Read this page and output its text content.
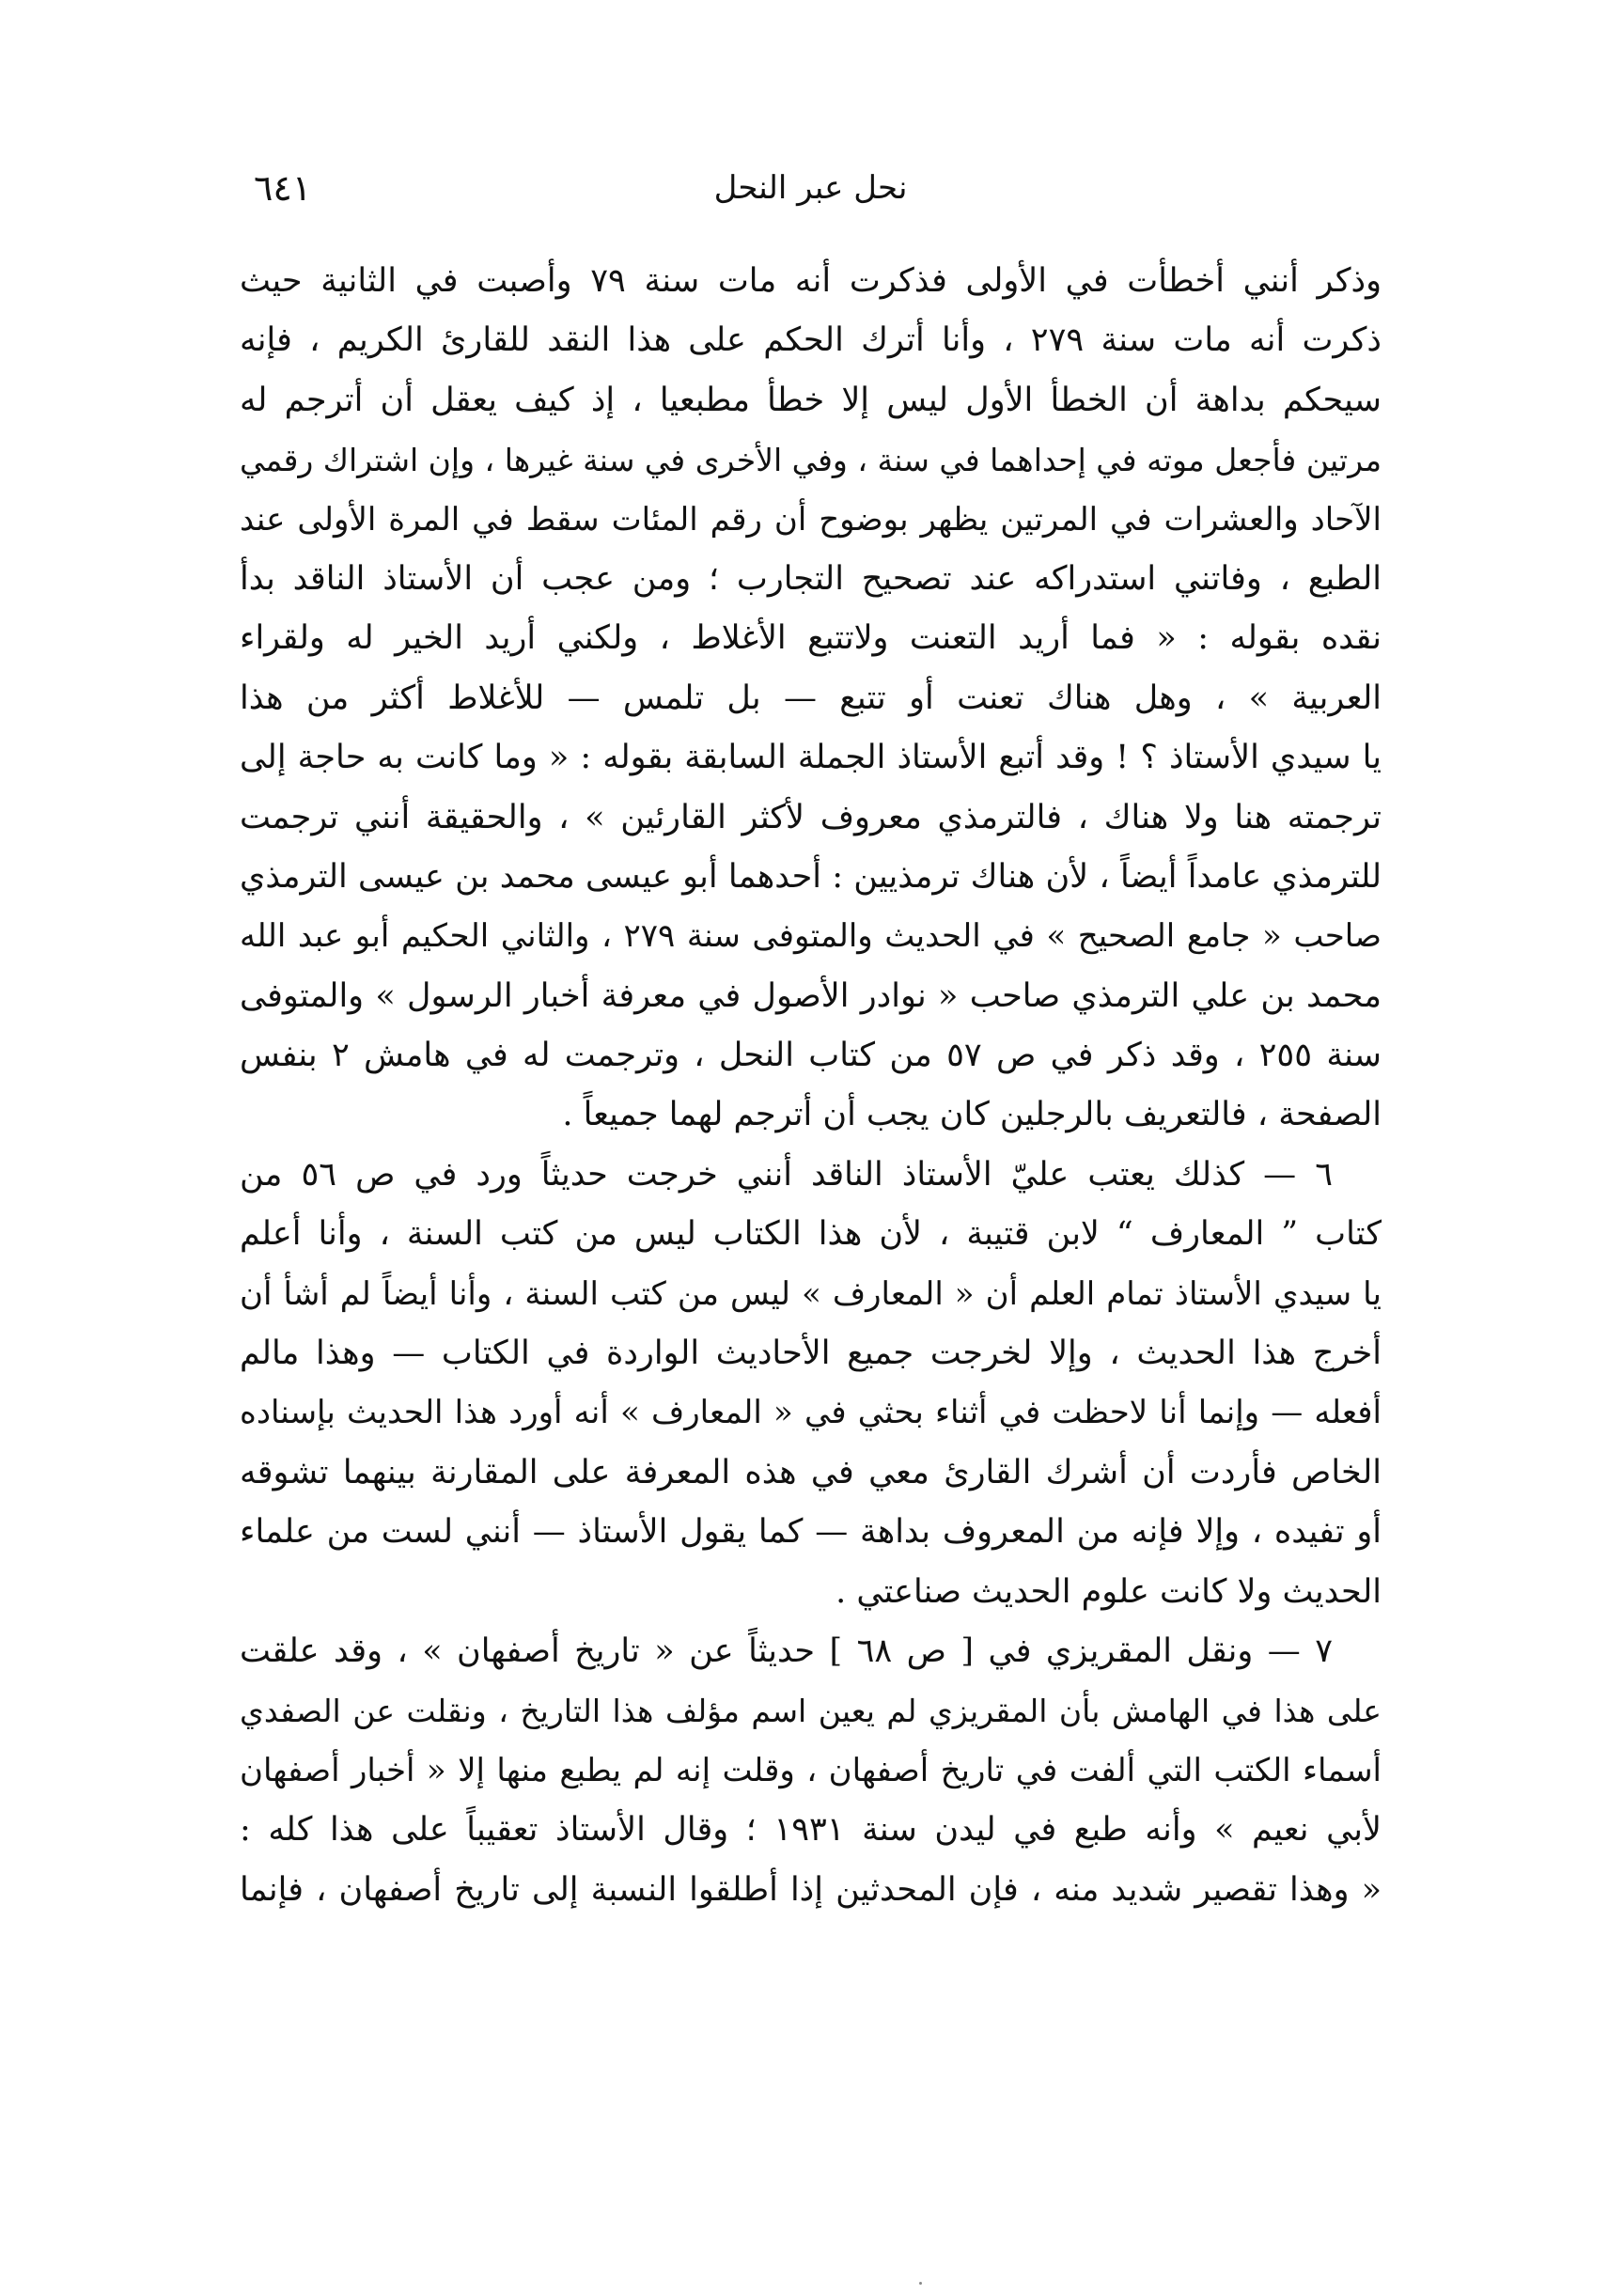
٦٤١	نحل عبر النحل
وذكر أنني أخطأت في الأولى فذكرت أنه مات سنة ٧٩ وأصبت في الثانية حيث
ذكرت أنه مات سنة ٢٧٩ ، وأنا أترك الحكم على هذا النقد للقارئ الكريم ، فإنه
سيحكم بداهة أن الخطأ الأول ليس إلا خطأ مطبعيا ، إذ كيف يعقل أن أترجم له
مرتين فأجعل موته في إحداهما في سنة ، وفي الأخرى في سنة غيرها ، وإن اشتراك رقمي
الآحاد والعشرات في المرتين يظهر بوضوح أن رقم المئات سقط في المرة الأولى عند
الطبع ، وفاتني استدراكه عند تصحيح التجارب ؛ ومن عجب أن الأستاذ الناقد بدأ
نقده بقوله : « فما أريد التعنت ولاتتبع الأغلاط ، ولكني أريد الخير له ولقراء
العربية » ، وهل هناك تعنت أو تتبع — بل تلمس — للأغلاط أكثر من هذا
يا سيدي الأستاذ ؟ ! وقد أتبع الأستاذ الجملة السابقة بقوله : « وما كانت به حاجة إلى
ترجمته هنا ولا هناك ، فالترمذي معروف لأكثر القارئين » ، والحقيقة أنني ترجمت
للترمذي عامداً أيضاً ، لأن هناك ترمذيين : أحدهما أبو عيسى محمد بن عيسى الترمذي
صاحب « جامع الصحيح » في الحديث والمتوفى سنة ٢٧٩ ، والثاني الحكيم أبو عبد الله
محمد بن علي الترمذي صاحب « نوادر الأصول في معرفة أخبار الرسول » والمتوفى
سنة ٢٥٥ ، وقد ذكر في ص ٥٧ من كتاب النحل ، وترجمت له في هامش ٢ بنفس
الصفحة ، فالتعريف بالرجلين كان يجب أن أترجم لهما جميعاً .
٦ — كذلك يعتب عليّ الأستاذ الناقد أنني خرجت حديثاً ورد في ص ٥٦ من
كتاب ” المعارف “ لابن قتيبة ، لأن هذا الكتاب ليس من كتب السنة ، وأنا أعلم
يا سيدي الأستاذ تمام العلم أن « المعارف » ليس من كتب السنة ، وأنا أيضاً لم أشأ أن
أخرج هذا الحديث ، وإلا لخرجت جميع الأحاديث الواردة في الكتاب — وهذا مالم
أفعله — وإنما أنا لاحظت في أثناء بحثي في « المعارف » أنه أورد هذا الحديث بإسناده
الخاص فأردت أن أشرك القارئ معي في هذه المعرفة على المقارنة بينهما تشوقه
أو تفيده ، وإلا فإنه من المعروف بداهة — كما يقول الأستاذ — أنني لست من علماء
الحديث ولا كانت علوم الحديث صناعتي .
٧ — ونقل المقريزي في [ ص ٦٨ ] حديثاً عن « تاريخ أصفهان » ، وقد علقت
على هذا في الهامش بأن المقريزي لم يعين اسم مؤلف هذا التاريخ ، ونقلت عن الصفدي
أسماء الكتب التي ألفت في تاريخ أصفهان ، وقلت إنه لم يطبع منها إلا « أخبار أصفهان
لأبي نعيم » وأنه طبع في ليدن سنة ١٩٣١ ؛ وقال الأستاذ تعقيباً على هذا كله :
« وهذا تقصير شديد منه ، فإن المحدثين إذا أطلقوا النسبة إلى تاريخ أصفهان ، فإنما
